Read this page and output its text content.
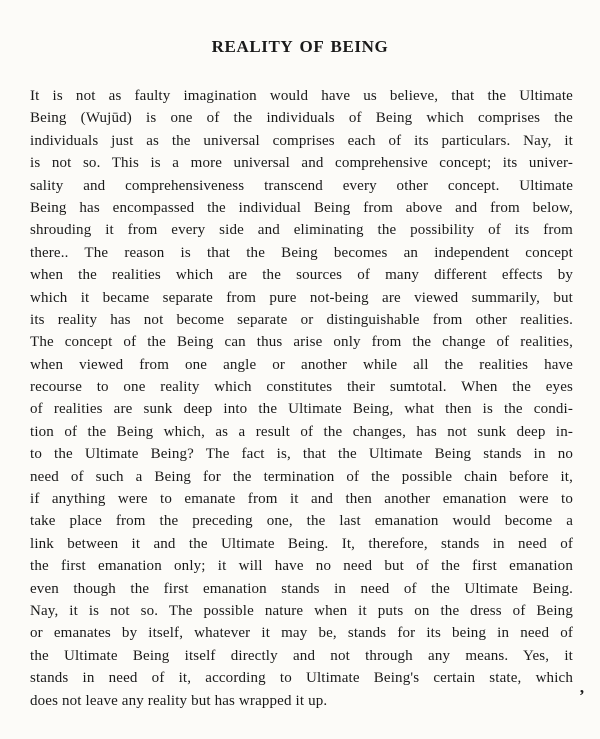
REALITY OF BEING
It is not as faulty imagination would have us believe, that the Ultimate
Being (Wujūd) is one of the individuals of Being which comprises the
individuals just as the universal comprises each of its particulars. Nay, it
is not so. This is a more universal and comprehensive concept; its univer-
sality and comprehensiveness transcend every other concept. Ultimate
Being has encompassed the individual Being from above and from below,
shrouding it from every side and eliminating the possibility of its from
there.. The reason is that the Being becomes an independent concept
when the realities which are the sources of many different effects by
which it became separate from pure not-being are viewed summarily, but
its reality has not become separate or distinguishable from other realities.
The concept of the Being can thus arise only from the change of realities,
when viewed from one angle or another while all the realities have
recourse to one reality which constitutes their sumtotal. When the eyes
of realities are sunk deep into the Ultimate Being, what then is the condi-
tion of the Being which, as a result of the changes, has not sunk deep in-
to the Ultimate Being? The fact is, that the Ultimate Being stands in no
need of such a Being for the termination of the possible chain before it,
if anything were to emanate from it and then another emanation were to
take place from the preceding one, the last emanation would become a
link between it and the Ultimate Being. It, therefore, stands in need of
the first emanation only; it will have no need but of the first emanation
even though the first emanation stands in need of the Ultimate Being.
Nay, it is not so. The possible nature when it puts on the dress of Being
or emanates by itself, whatever it may be, stands for its being in need of
the Ultimate Being itself directly and not through any means. Yes, it
stands in need of it, according to Ultimate Being's certain state, which
does not leave any reality but has wrapped it up.	’
